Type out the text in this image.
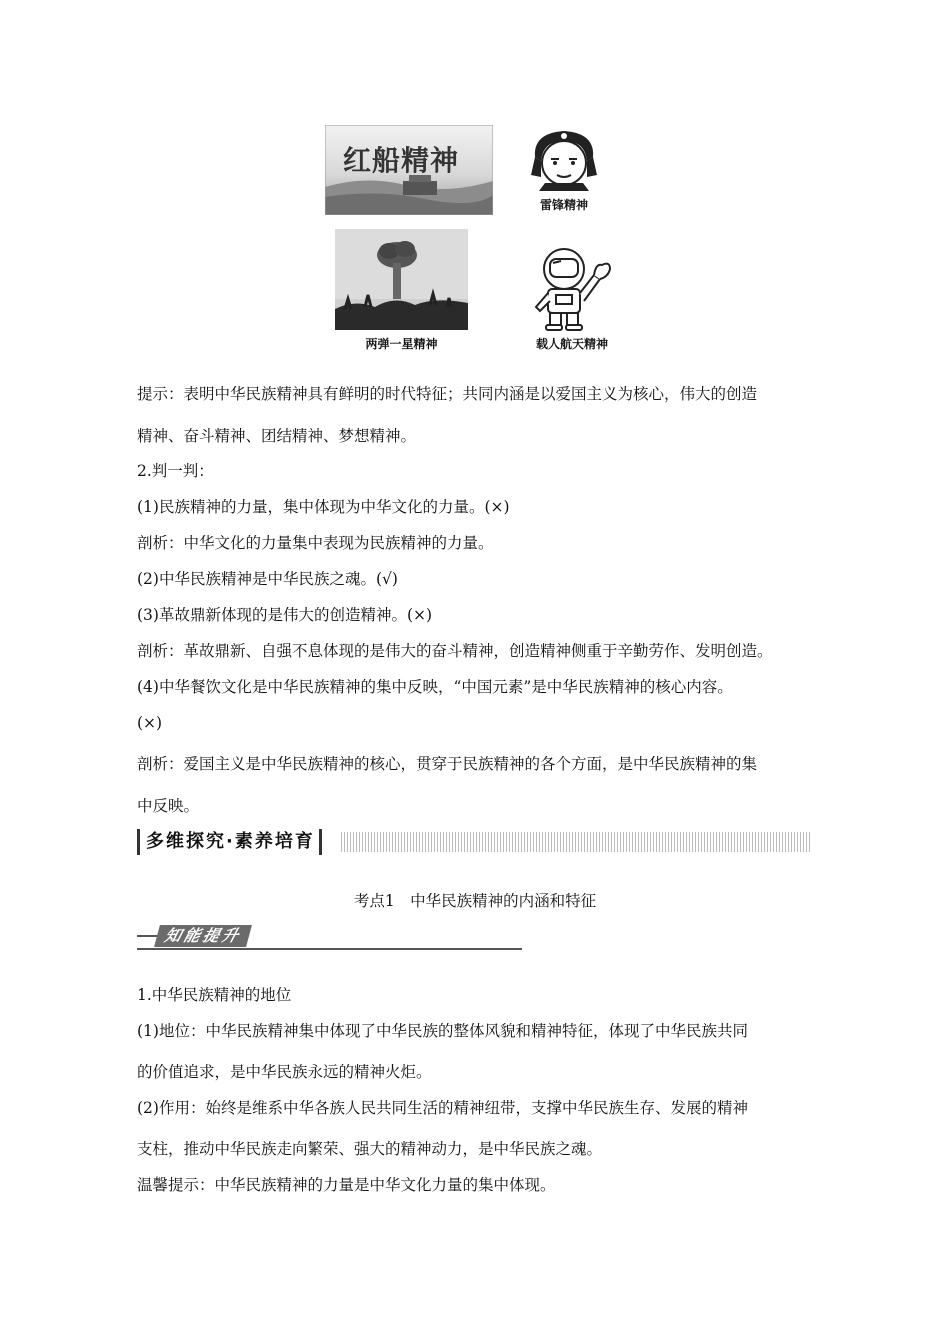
红船精神
雷锋精神
两弹一星精神	载人航天精神
提示：表明中华民族精神具有鲜明的时代特征；共同内涵是以爱国主义为核心，伟大的创造
精神、奋斗精神、团结精神、梦想精神。
2.判一判：
(1)民族精神的力量，集中体现为中华文化的力量。(×)
剖析：中华文化的力量集中表现为民族精神的力量。
(2)中华民族精神是中华民族之魂。(√)
(3)革故鼎新体现的是伟大的创造精神。(×)
剖析：革故鼎新、自强不息体现的是伟大的奋斗精神，创造精神侧重于辛勤劳作、发明创造。
(4)中华餐饮文化是中华民族精神的集中反映，“中国元素”是中华民族精神的核心内容。
(×)
剖析：爱国主义是中华民族精神的核心，贯穿于民族精神的各个方面，是中华民族精神的集
中反映。
多维探究·素养培育
考点1　中华民族精神的内涵和特征
知能提升
1.中华民族精神的地位
(1)地位：中华民族精神集中体现了中华民族的整体风貌和精神特征，体现了中华民族共同
的价值追求，是中华民族永远的精神火炬。
(2)作用：始终是维系中华各族人民共同生活的精神纽带，支撑中华民族生存、发展的精神
支柱，推动中华民族走向繁荣、强大的精神动力，是中华民族之魂。
温馨提示：中华民族精神的力量是中华文化力量的集中体现。
